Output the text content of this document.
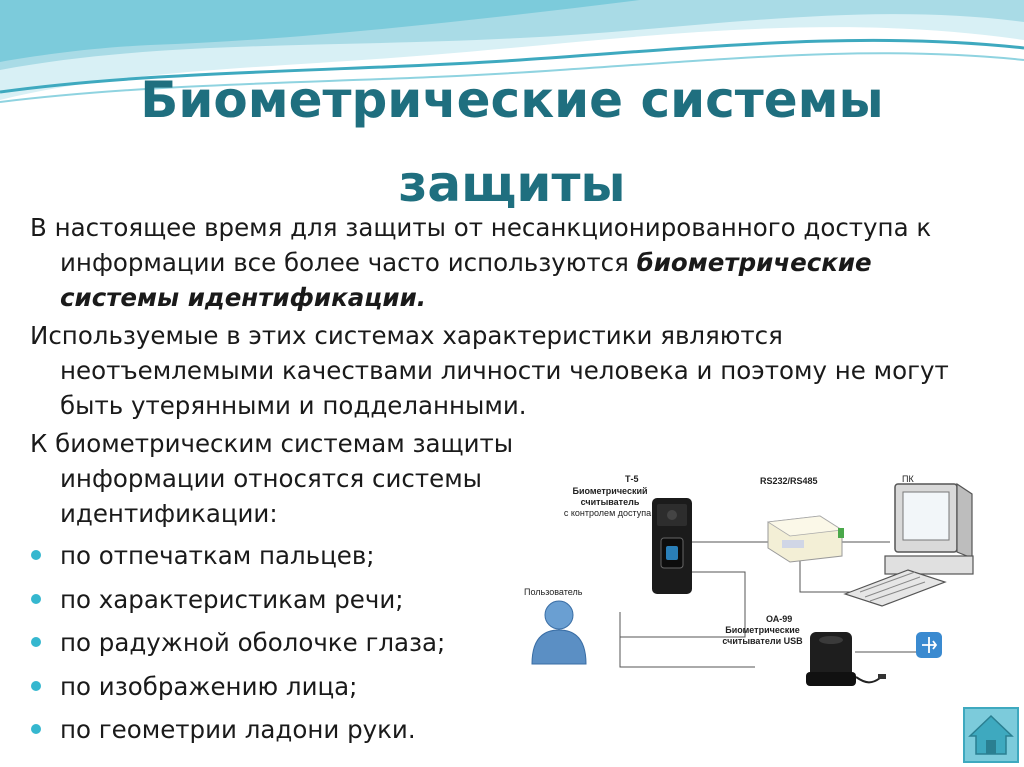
Биометрические системы
защиты

В настоящее время для защиты от несанкционированного доступа к информации все более часто используются биометрические системы идентификации.

Используемые в этих системах характеристики являются неотъемлемыми качествами личности человека и поэтому не могут быть утерянными и подделанными.

К биометрическим системам защиты информации относятся системы идентификации:

по отпечаткам пальцев;
по характеристикам речи;
по радужной оболочке глаза;
по изображению лица;
по геометрии ладони руки.
Т-5
Биометрический
считыватель
с контролем доступа
RS232/RS485	ПК
Пользователь
ОА-99
Биометрические
считыватели USB
